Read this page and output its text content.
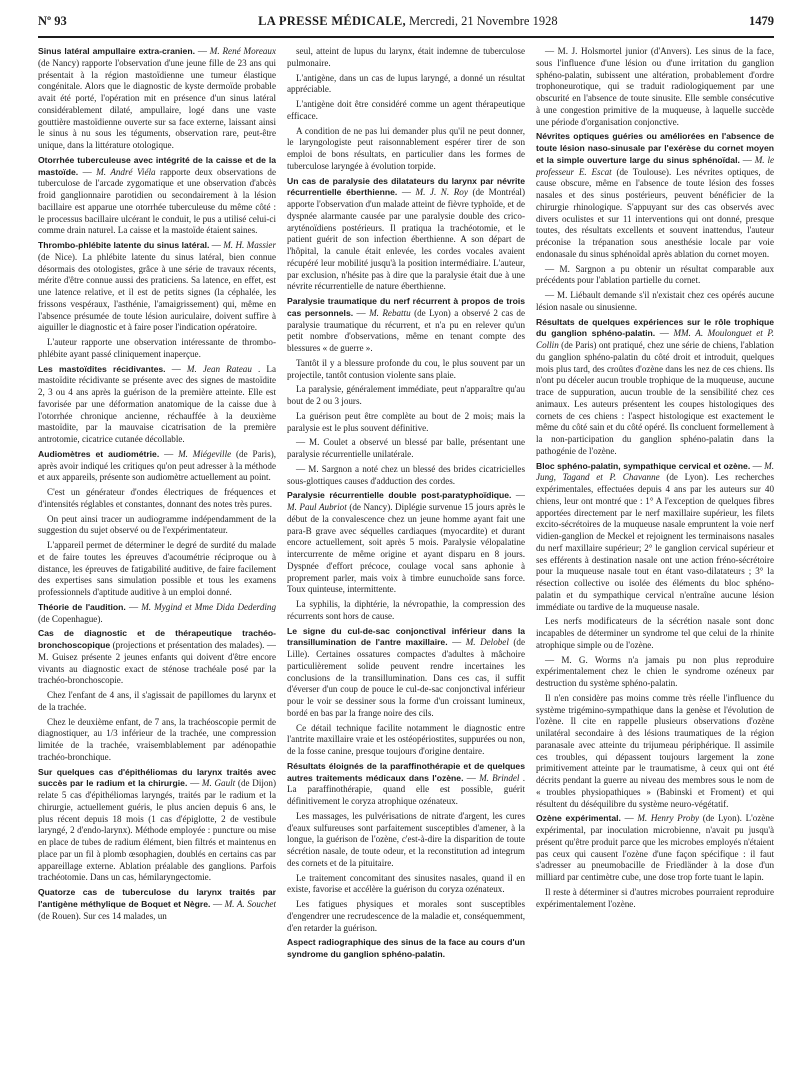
Nº 93	LA PRESSE MÉDICALE, Mercredi, 21 Novembre 1928	1479

Sinus latéral ampullaire extra-cranien. — M. René Moreaux (de Nancy) rapporte l'observation d'une jeune fille de 23 ans qui présentait à la région mastoïdienne une tumeur élastique congénitale. Alors que le diagnostic de kyste dermoïde probable avait été porté, l'opération mit en présence d'un sinus latéral considérablement dilaté, ampullaire, logé dans une vaste gouttière mastoïdienne ouverte sur sa face externe, laissant ainsi le sinus à nu sous les téguments, observation rare, peut-être unique, dans la littérature otologique.

Otorrhée tuberculeuse avec intégrité de la caisse et de la mastoïde. — M. André Viéla rapporte deux observations de tuberculose de l'arcade zygomatique et une observation d'abcès froid ganglionnaire parotidien ou secondairement à la lésion bacillaire est apparue une otorrhée tuberculeuse du même côté : le processus bacillaire ulcérant le conduit, le pus a utilisé celui-ci comme drain naturel. La caisse et la mastoïde étaient saines.

Thrombo-phlébite latente du sinus latéral. — M. H. Massier (de Nice). La phlébite latente du sinus latéral, bien connue désormais des otologistes, grâce à une série de travaux récents, mérite d'être connue aussi des praticiens. Sa latence, en effet, est une latence relative, et il est de petits signes (la céphalée, les frissons vespéraux, l'asthénie, l'amaigrissement) qui, même en l'absence présumée de toute lésion auriculaire, doivent suffire à aiguiller le diagnostic et à faire poser l'indication opératoire.

L'auteur rapporte une observation intéressante de thrombo-phlébite ayant passé cliniquement inaperçue.

Les mastoïdites récidivantes. — M. Jean Rateau . La mastoïdite récidivante se présente avec des signes de mastoïdite 2, 3 ou 4 ans après la guérison de la première atteinte. Elle est favorisée par une déformation anatomique de la caisse due à l'otorrhée chronique ancienne, réchauffée à la deuxième mastoïdite, par la mauvaise cicatrisation de la première antrotomie, cicatrice cutanée décollable.

Audiomètres et audiométrie. — M. Miégeville (de Paris), après avoir indiqué les critiques qu'on peut adresser à la méthode et aux appareils, présente son audiomètre actuellement au point.

C'est un générateur d'ondes électriques de fréquences et d'intensités réglables et constantes, donnant des notes très pures.

On peut ainsi tracer un audiogramme indépendamment de la suggestion du sujet observé ou de l'expérimentateur.

L'appareil permet de déterminer le degré de surdité du malade et de faire toutes les épreuves d'acoumétrie réciproque ou à distance, les épreuves de fatigabilité auditive, de faire facilement des expertises sans simulation possible et tous les examens professionnels d'aptitude auditive à un emploi donné.

Théorie de l'audition. — M. Mygind et Mme Dida Dederding (de Copenhague).

Cas de diagnostic et de thérapeutique trachéo-bronchoscopique (projections et présentation des malades). — M. Guisez présente 2 jeunes enfants qui doivent d'être encore vivants au diagnostic exact de sténose trachéale posé par la trachéo-bronchoscopie.

Chez l'enfant de 4 ans, il s'agissait de papillomes du larynx et de la trachée.

Chez le deuxième enfant, de 7 ans, la trachéoscopie permit de diagnostiquer, au 1/3 inférieur de la trachée, une compression limitée de la trachée, vraisemblablement par adénopathie trachéo-bronchique.

Sur quelques cas d'épithéliomas du larynx traités avec succès par le radium et la chirurgie. — M. Gault (de Dijon) relate 5 cas d'épithéliomas laryngés, traités par le radium et la chirurgie, actuellement guéris, le plus ancien depuis 6 ans, le plus récent depuis 18 mois (1 cas d'épiglotte, 2 de vestibule laryngé, 2 d'endo-larynx). Méthode employée : puncture ou mise en place de tubes de radium élément, bien filtrés et maintenus en place par un fil à plomb œsophagien, doublés en certains cas par appareillage externe. Ablation préalable des ganglions. Parfois trachéotomie. Dans un cas, hémilaryngectomie.

Quatorze cas de tuberculose du larynx traités par l'antigène méthylique de Boquet et Nègre. — M. A. Souchet (de Rouen). Sur ces 14 malades, un

seul, atteint de lupus du larynx, était indemne de tuberculose pulmonaire.

L'antigène, dans un cas de lupus laryngé, a donné un résultat appréciable.

L'antigène doit être considéré comme un agent thérapeutique efficace.

A condition de ne pas lui demander plus qu'il ne peut donner, le laryngologiste peut raisonnablement espérer tirer de son emploi de bons résultats, en particulier dans les formes de tuberculose laryngée à évolution torpide.

Un cas de paralysie des dilatateurs du larynx par névrite récurrentielle éberthienne. — M. J. N. Roy (de Montréal) apporte l'observation d'un malade atteint de fièvre typhoïde, et de dyspnée alarmante causée par une paralysie double des crico-aryténoïdiens postérieurs. Il pratiqua la trachéotomie, et le patient guérit de son infection éberthienne. A son départ de l'hôpital, la canule était enlevée, les cordes vocales avaient récupéré leur mobilité jusqu'à la position intermédiaire. L'auteur, par exclusion, n'hésite pas à dire que la paralysie était due à une névrite récurrentielle de nature éberthienne.

Paralysie traumatique du nerf récurrent à propos de trois cas personnels. — M. Rebattu (de Lyon) a observé 2 cas de paralysie traumatique du récurrent, et n'a pu en relever qu'un petit nombre d'observations, même en tenant compte des blessures « de guerre ».

Tantôt il y a blessure profonde du cou, le plus souvent par un projectile, tantôt contusion violente sans plaie.

La paralysie, généralement immédiate, peut n'apparaître qu'au bout de 2 ou 3 jours.

La guérison peut être complète au bout de 2 mois; mais la paralysie est le plus souvent définitive.

— M. Coulet a observé un blessé par balle, présentant une paralysie récurrentielle unilatérale.

— M. Sargnon a noté chez un blessé des brides cicatricielles sous-glottiques causes d'adduction des cordes.

Paralysie récurrentielle double post-paratyphoïdique. — M. Paul Aubriot (de Nancy). Diplégie survenue 15 jours après le début de la convalescence chez un jeune homme ayant fait une para-B grave avec séquelles cardiaques (myocardite) et durant encore actuellement, soit après 5 mois. Paralysie vélopalatine intercurrente de même origine et ayant disparu en 8 jours. Dyspnée d'effort précoce, coulage vocal sans aphonie à proprement parler, mais voix à timbre eunuchoïde sans force. Toux quinteuse, intermittente.

La syphilis, la diphtérie, la névropathie, la compression des récurrents sont hors de cause.

Le signe du cul-de-sac conjonctival inférieur dans la transillumination de l'antre maxillaire. — M. Delobel (de Lille). Certaines ossatures compactes d'adultes à mâchoire particulièrement solide peuvent rendre incertaines les conclusions de la transillumination. Dans ces cas, il suffit d'éverser d'un coup de pouce le cul-de-sac conjonctival inférieur pour le voir se dessiner sous la forme d'un croissant lumineux, bordé en bas par la frange noire des cils.

Ce détail technique facilite notamment le diagnostic entre l'antrite maxillaire vraie et les ostéopériostites, suppurées ou non, de la fosse canine, presque toujours d'origine dentaire.

Résultats éloignés de la paraffinothérapie et de quelques autres traitements médicaux dans l'ozène. — M. Brindel . La paraffinothérapie, quand elle est possible, guérit définitivement le coryza atrophique ozénateux.

Les massages, les pulvérisations de nitrate d'argent, les cures d'eaux sulfureuses sont parfaitement susceptibles d'amener, à la longue, la guérison de l'ozène, c'est-à-dire la disparition de toute sécrétion nasale, de toute odeur, et la reconstitution ad integrum des cornets et de la pituitaire.

Le traitement concomitant des sinusites nasales, quand il en existe, favorise et accélère la guérison du coryza ozénateux.

Les fatigues physiques et morales sont susceptibles d'engendrer une recrudescence de la maladie et, conséquemment, d'en retarder la guérison.

Aspect radiographique des sinus de la face au cours d'un syndrome du ganglion sphéno-palatin.

— M. J. Holsmortel junior (d'Anvers). Les sinus de la face, sous l'influence d'une lésion ou d'une irritation du ganglion sphéno-palatin, subissent une altération, probablement d'ordre trophoneurotique, qui se traduit radiologiquement par une obscurité en l'absence de toute sinusite. Elle semble consécutive à une congestion primitive de la muqueuse, à laquelle succède une période d'organisation conjonctive.

Névrites optiques guéries ou améliorées en l'absence de toute lésion naso-sinusale par l'exérèse du cornet moyen et la simple ouverture large du sinus sphénoïdal. — M. le professeur E. Escat (de Toulouse). Les névrites optiques, de cause obscure, même en l'absence de toute lésion des fosses nasales et des sinus postérieurs, peuvent bénéficier de la chirurgie rhinologique. S'appuyant sur des cas observés avec divers oculistes et sur 11 interventions qui ont donné, presque toutes, des résultats excellents et souvent inattendus, l'auteur préconise la trépanation sous anesthésie locale par voie endonasale du sinus sphénoïdal après ablation du cornet moyen.

— M. Sargnon a pu obtenir un résultat comparable aux précédents pour l'ablation partielle du cornet.

— M. Liébault demande s'il n'existait chez ces opérés aucune lésion nasale ou sinusienne.

Résultats de quelques expériences sur le rôle trophique du ganglion sphéno-palatin. — MM. A. Moulonguet et P. Collin (de Paris) ont pratiqué, chez une série de chiens, l'ablation du ganglion sphéno-palatin du côté droit et introduit, quelques mois plus tard, des croûtes d'ozène dans les nez de ces chiens. Ils n'ont pu déceler aucun trouble trophique de la muqueuse, aucune trace de suppuration, aucun trouble de la sensibilité chez ces animaux. Les auteurs présentent les coupes histologiques des cornets de ces chiens : l'aspect histologique est exactement le même du côté sain et du côté opéré. Ils concluent formellement à la non-participation du ganglion sphéno-palatin dans la pathogénie de l'ozène.

Bloc sphéno-palatin, sympathique cervical et ozène. — M. Jung, Tagand et P. Chavanne (de Lyon). Les recherches expérimentales, effectuées depuis 4 ans par les auteurs sur 40 chiens, leur ont montré que : 1° A l'exception de quelques fibres apportées directement par le nerf maxillaire supérieur, les filets excito-sécrétoires de la muqueuse nasale empruntent la voie nerf vidien-ganglion de Meckel et rejoignent les terminaisons nasales du nerf maxillaire supérieur; 2° le ganglion cervical supérieur et ses efférents à destination nasale ont une action fréno-sécrétoire pour la muqueuse nasale tout en étant vaso-dilatateurs ; 3° la résection collective ou isolée des éléments du bloc sphéno-palatin et du sympathique cervical n'entraîne aucune lésion immédiate ou tardive de la muqueuse nasale.

Les nerfs modificateurs de la sécrétion nasale sont donc incapables de déterminer un syndrome tel que celui de la rhinite atrophique simple ou de l'ozène.

— M. G. Worms n'a jamais pu non plus reproduire expérimentalement chez le chien le syndrome ozéneux par destruction du système sphéno-palatin.

Il n'en considère pas moins comme très réelle l'influence du système trigémino-sympathique dans la genèse et l'évolution de l'ozène. Il cite en rappelle plusieurs observations d'ozène unilatéral secondaire à des lésions traumatiques de la région paranasale avec atteinte du trijumeau périphérique. Il assimile ces troubles, qui dépassent toujours largement la zone primitivement atteinte par le traumatisme, à ceux qui ont été décrits pendant la guerre au niveau des membres sous le nom de « troubles physiopathiques » (Babinski et Froment) et qui résultent du déséquilibre du système neuro-végétatif.

Ozène expérimental. — M. Henry Proby (de Lyon). L'ozène expérimental, par inoculation microbienne, n'avait pu jusqu'à présent qu'être produit parce que les microbes employés n'étaient pas ceux qui causent l'ozène d'une façon spécifique : il faut s'adresser au pneumobacille de Friedländer à la dose d'un milliard par centimètre cube, une dose trop forte tuant le lapin.

Il reste à déterminer si d'autres microbes pourraient reproduire expérimentalement l'ozène.
